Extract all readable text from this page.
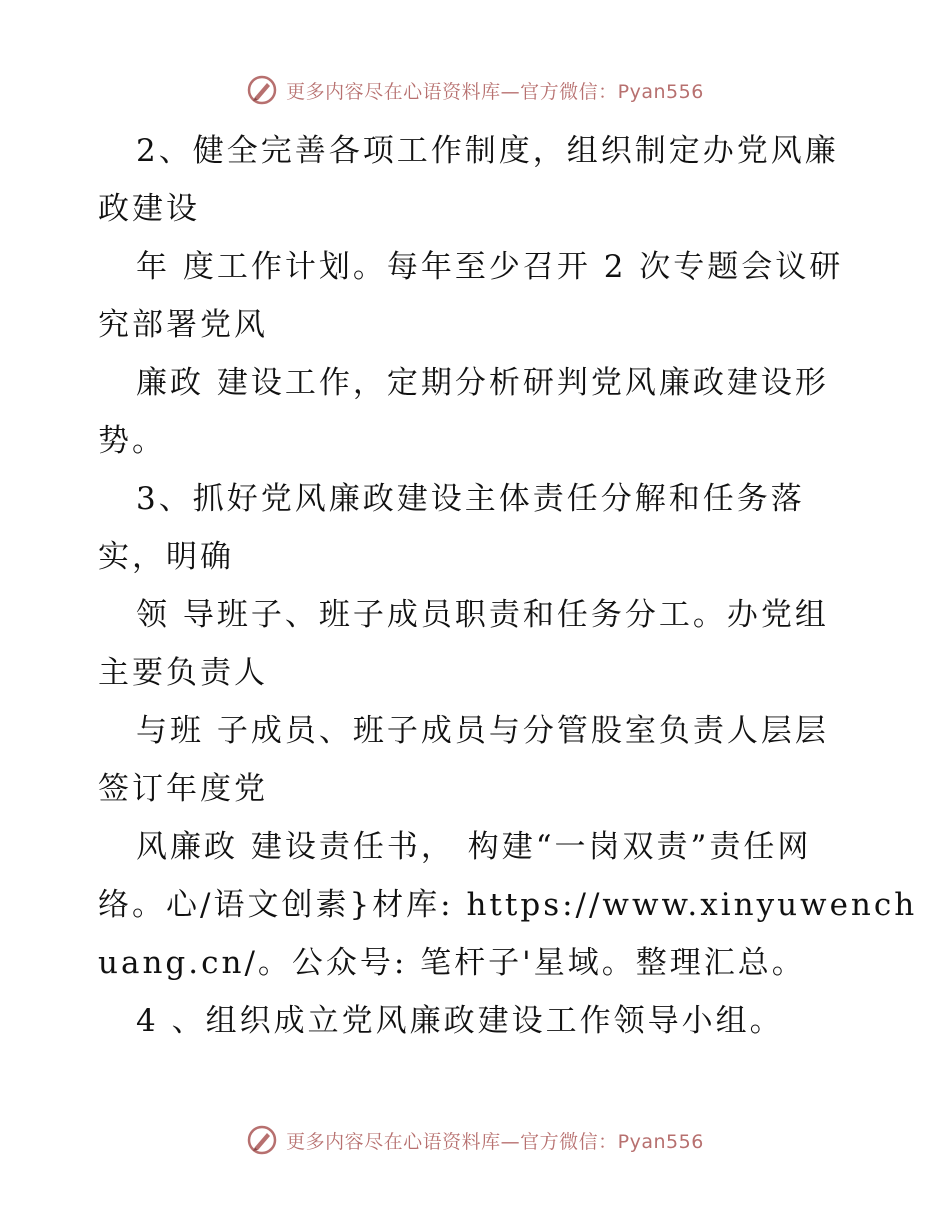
更多内容尽在心语资料库—官方微信：Pyan556
2、健全完善各项工作制度，组织制定办党风廉
政建设
年 度工作计划。每年至少召开 2 次专题会议研
究部署党风
廉政 建设工作，定期分析研判党风廉政建设形
势。
3、抓好党风廉政建设主体责任分解和任务落
实，明确
领 导班子、班子成员职责和任务分工。办党组
主要负责人
与班 子成员、班子成员与分管股室负责人层层
签订年度党
风廉政 建设责任书， 构建“一岗双责”责任网
络。心/语文创素}材库: https://www.xinyuwench
uang.cn/。公众号: 笔杆子'星域。整理汇总。
4 、组织成立党风廉政建设工作领导小组。
更多内容尽在心语资料库—官方微信：Pyan556
